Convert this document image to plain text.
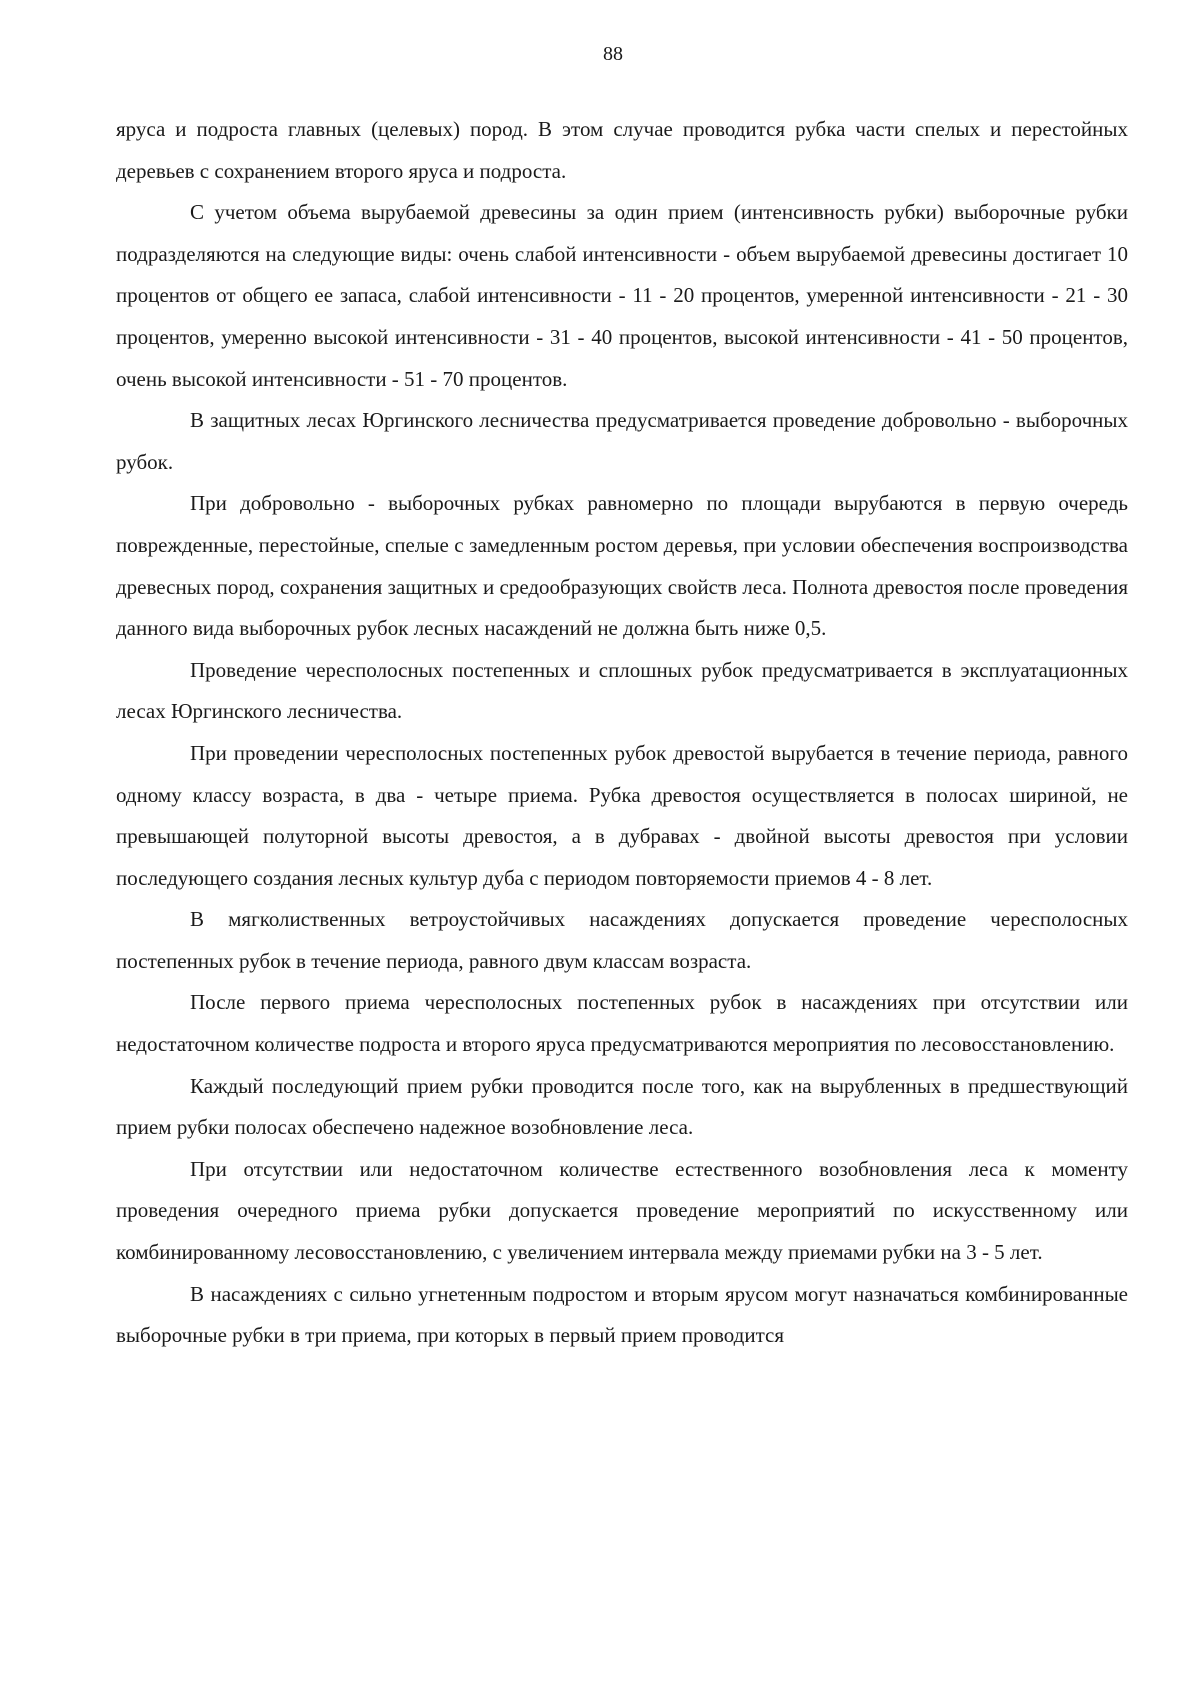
88

яруса и подроста главных (целевых) пород. В этом случае проводится рубка части спелых и перестойных деревьев с сохранением второго яруса и подроста.

С учетом объема вырубаемой древесины за один прием (интенсивность рубки) выборочные рубки подразделяются на следующие виды: очень слабой интенсивности - объем вырубаемой древесины достигает 10 процентов от общего ее запаса, слабой интенсивности - 11 - 20 процентов, умеренной интенсивности - 21 - 30 процентов, умеренно высокой интенсивности - 31 - 40 процентов, высокой интенсивности - 41 - 50 процентов, очень высокой интенсивности - 51 - 70 процентов.

В защитных лесах Юргинского лесничества предусматривается проведение добровольно - выборочных рубок.

При добровольно - выборочных рубках равномерно по площади вырубаются в первую очередь поврежденные, перестойные, спелые с замедленным ростом деревья, при условии обеспечения воспроизводства древесных пород, сохранения защитных и средообразующих свойств леса. Полнота древостоя после проведения данного вида выборочных рубок лесных насаждений не должна быть ниже 0,5.

Проведение чересполосных постепенных и сплошных рубок предусматривается в эксплуатационных лесах Юргинского лесничества.

При проведении чересполосных постепенных рубок древостой вырубается в течение периода, равного одному классу возраста, в два - четыре приема. Рубка древостоя осуществляется в полосах шириной, не превышающей полуторной высоты древостоя, а в дубравах - двойной высоты древостоя при условии последующего создания лесных культур дуба с периодом повторяемости приемов 4 - 8 лет.

В мягколиственных ветроустойчивых насаждениях допускается проведение чересполосных постепенных рубок в течение периода, равного двум классам возраста.

После первого приема чересполосных постепенных рубок в насаждениях при отсутствии или недостаточном количестве подроста и второго яруса предусматриваются мероприятия по лесовосстановлению.

Каждый последующий прием рубки проводится после того, как на вырубленных в предшествующий прием рубки полосах обеспечено надежное возобновление леса.

При отсутствии или недостаточном количестве естественного возобновления леса к моменту проведения очередного приема рубки допускается проведение мероприятий по искусственному или комбинированному лесовосстановлению, с увеличением интервала между приемами рубки на 3 - 5 лет.

В насаждениях с сильно угнетенным подростом и вторым ярусом могут назначаться комбинированные выборочные рубки в три приема, при которых в первый прием проводится
